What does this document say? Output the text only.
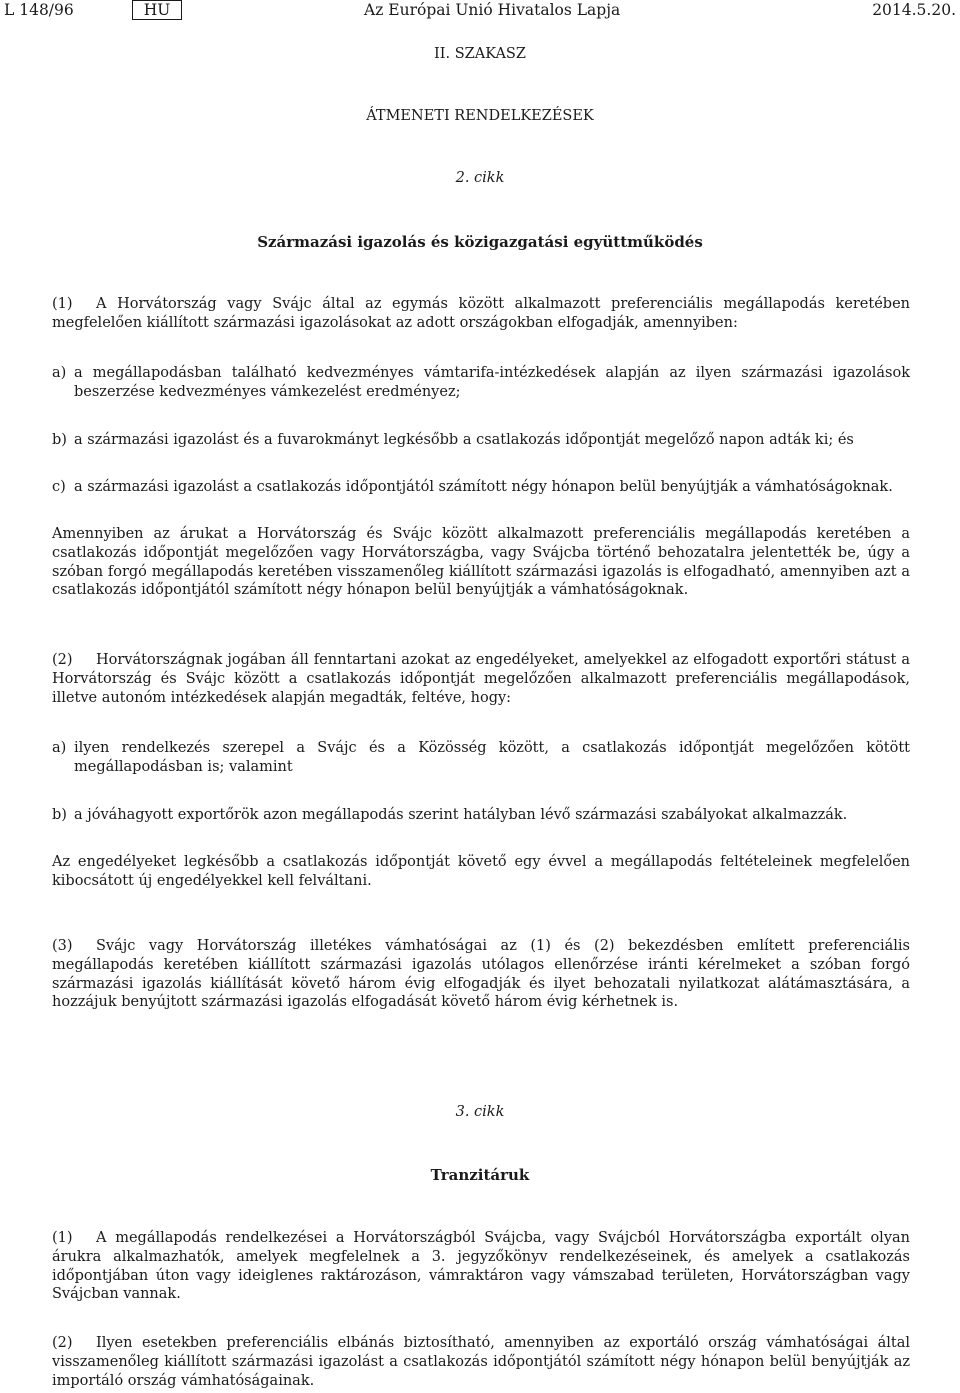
L 148/96	HU	Az Európai Unió Hivatalos Lapja	2014.5.20.
II. SZAKASZ
ÁTMENETI RENDELKEZÉSEK
2. cikk
Származási igazolás és közigazgatási együttműködés
(1) A Horvátország vagy Svájc által az egymás között alkalmazott preferenciális megállapodás keretében megfelelően kiállított származási igazolásokat az adott országokban elfogadják, amennyiben:
a) a megállapodásban található kedvezményes vámtarifa-intézkedések alapján az ilyen származási igazolások beszerzése kedvezményes vámkezelést eredményez;
b) a származási igazolást és a fuvarokmányt legkésőbb a csatlakozás időpontját megelőző napon adták ki; és
c) a származási igazolást a csatlakozás időpontjától számított négy hónapon belül benyújtják a vámhatóságoknak.
Amennyiben az árukat a Horvátország és Svájc között alkalmazott preferenciális megállapodás keretében a csatlakozás időpontját megelőzően vagy Horvátországba, vagy Svájcba történő behozatalra jelentették be, úgy a szóban forgó megállapodás keretében visszamenőleg kiállított származási igazolás is elfogadható, amennyiben azt a csatlakozás időpontjától számított négy hónapon belül benyújtják a vámhatóságoknak.
(2) Horvátországnak jogában áll fenntartani azokat az engedélyeket, amelyekkel az elfogadott exportőri státust a Horvátország és Svájc között a csatlakozás időpontját megelőzően alkalmazott preferenciális megállapodások, illetve autonóm intézkedések alapján megadták, feltéve, hogy:
a) ilyen rendelkezés szerepel a Svájc és a Közösség között, a csatlakozás időpontját megelőzően kötött megállapodásban is; valamint
b) a jóváhagyott exportőrök azon megállapodás szerint hatályban lévő származási szabályokat alkalmazzák.
Az engedélyeket legkésőbb a csatlakozás időpontját követő egy évvel a megállapodás feltételeinek megfelelően kibocsátott új engedélyekkel kell felváltani.
(3) Svájc vagy Horvátország illetékes vámhatóságai az (1) és (2) bekezdésben említett preferenciális megállapodás keretében kiállított származási igazolás utólagos ellenőrzése iránti kérelmeket a szóban forgó származási igazolás kiállítását követő három évig elfogadják és ilyet behozatali nyilatkozat alátámasztására, a hozzájuk benyújtott származási igazolás elfogadását követő három évig kérhetnek is.
3. cikk
Tranzitáruk
(1) A megállapodás rendelkezései a Horvátországból Svájcba, vagy Svájcból Horvátországba exportált olyan árukra alkalmazhatók, amelyek megfelelnek a 3. jegyzőkönyv rendelkezéseinek, és amelyek a csatlakozás időpontjában úton vagy ideiglenes raktározáson, vámraktáron vagy vámszabad területen, Horvátországban vagy Svájcban vannak.
(2) Ilyen esetekben preferenciális elbánás biztosítható, amennyiben az exportáló ország vámhatóságai által visszamenőleg kiállított származási igazolást a csatlakozás időpontjától számított négy hónapon belül benyújtják az importáló ország vámhatóságainak.
